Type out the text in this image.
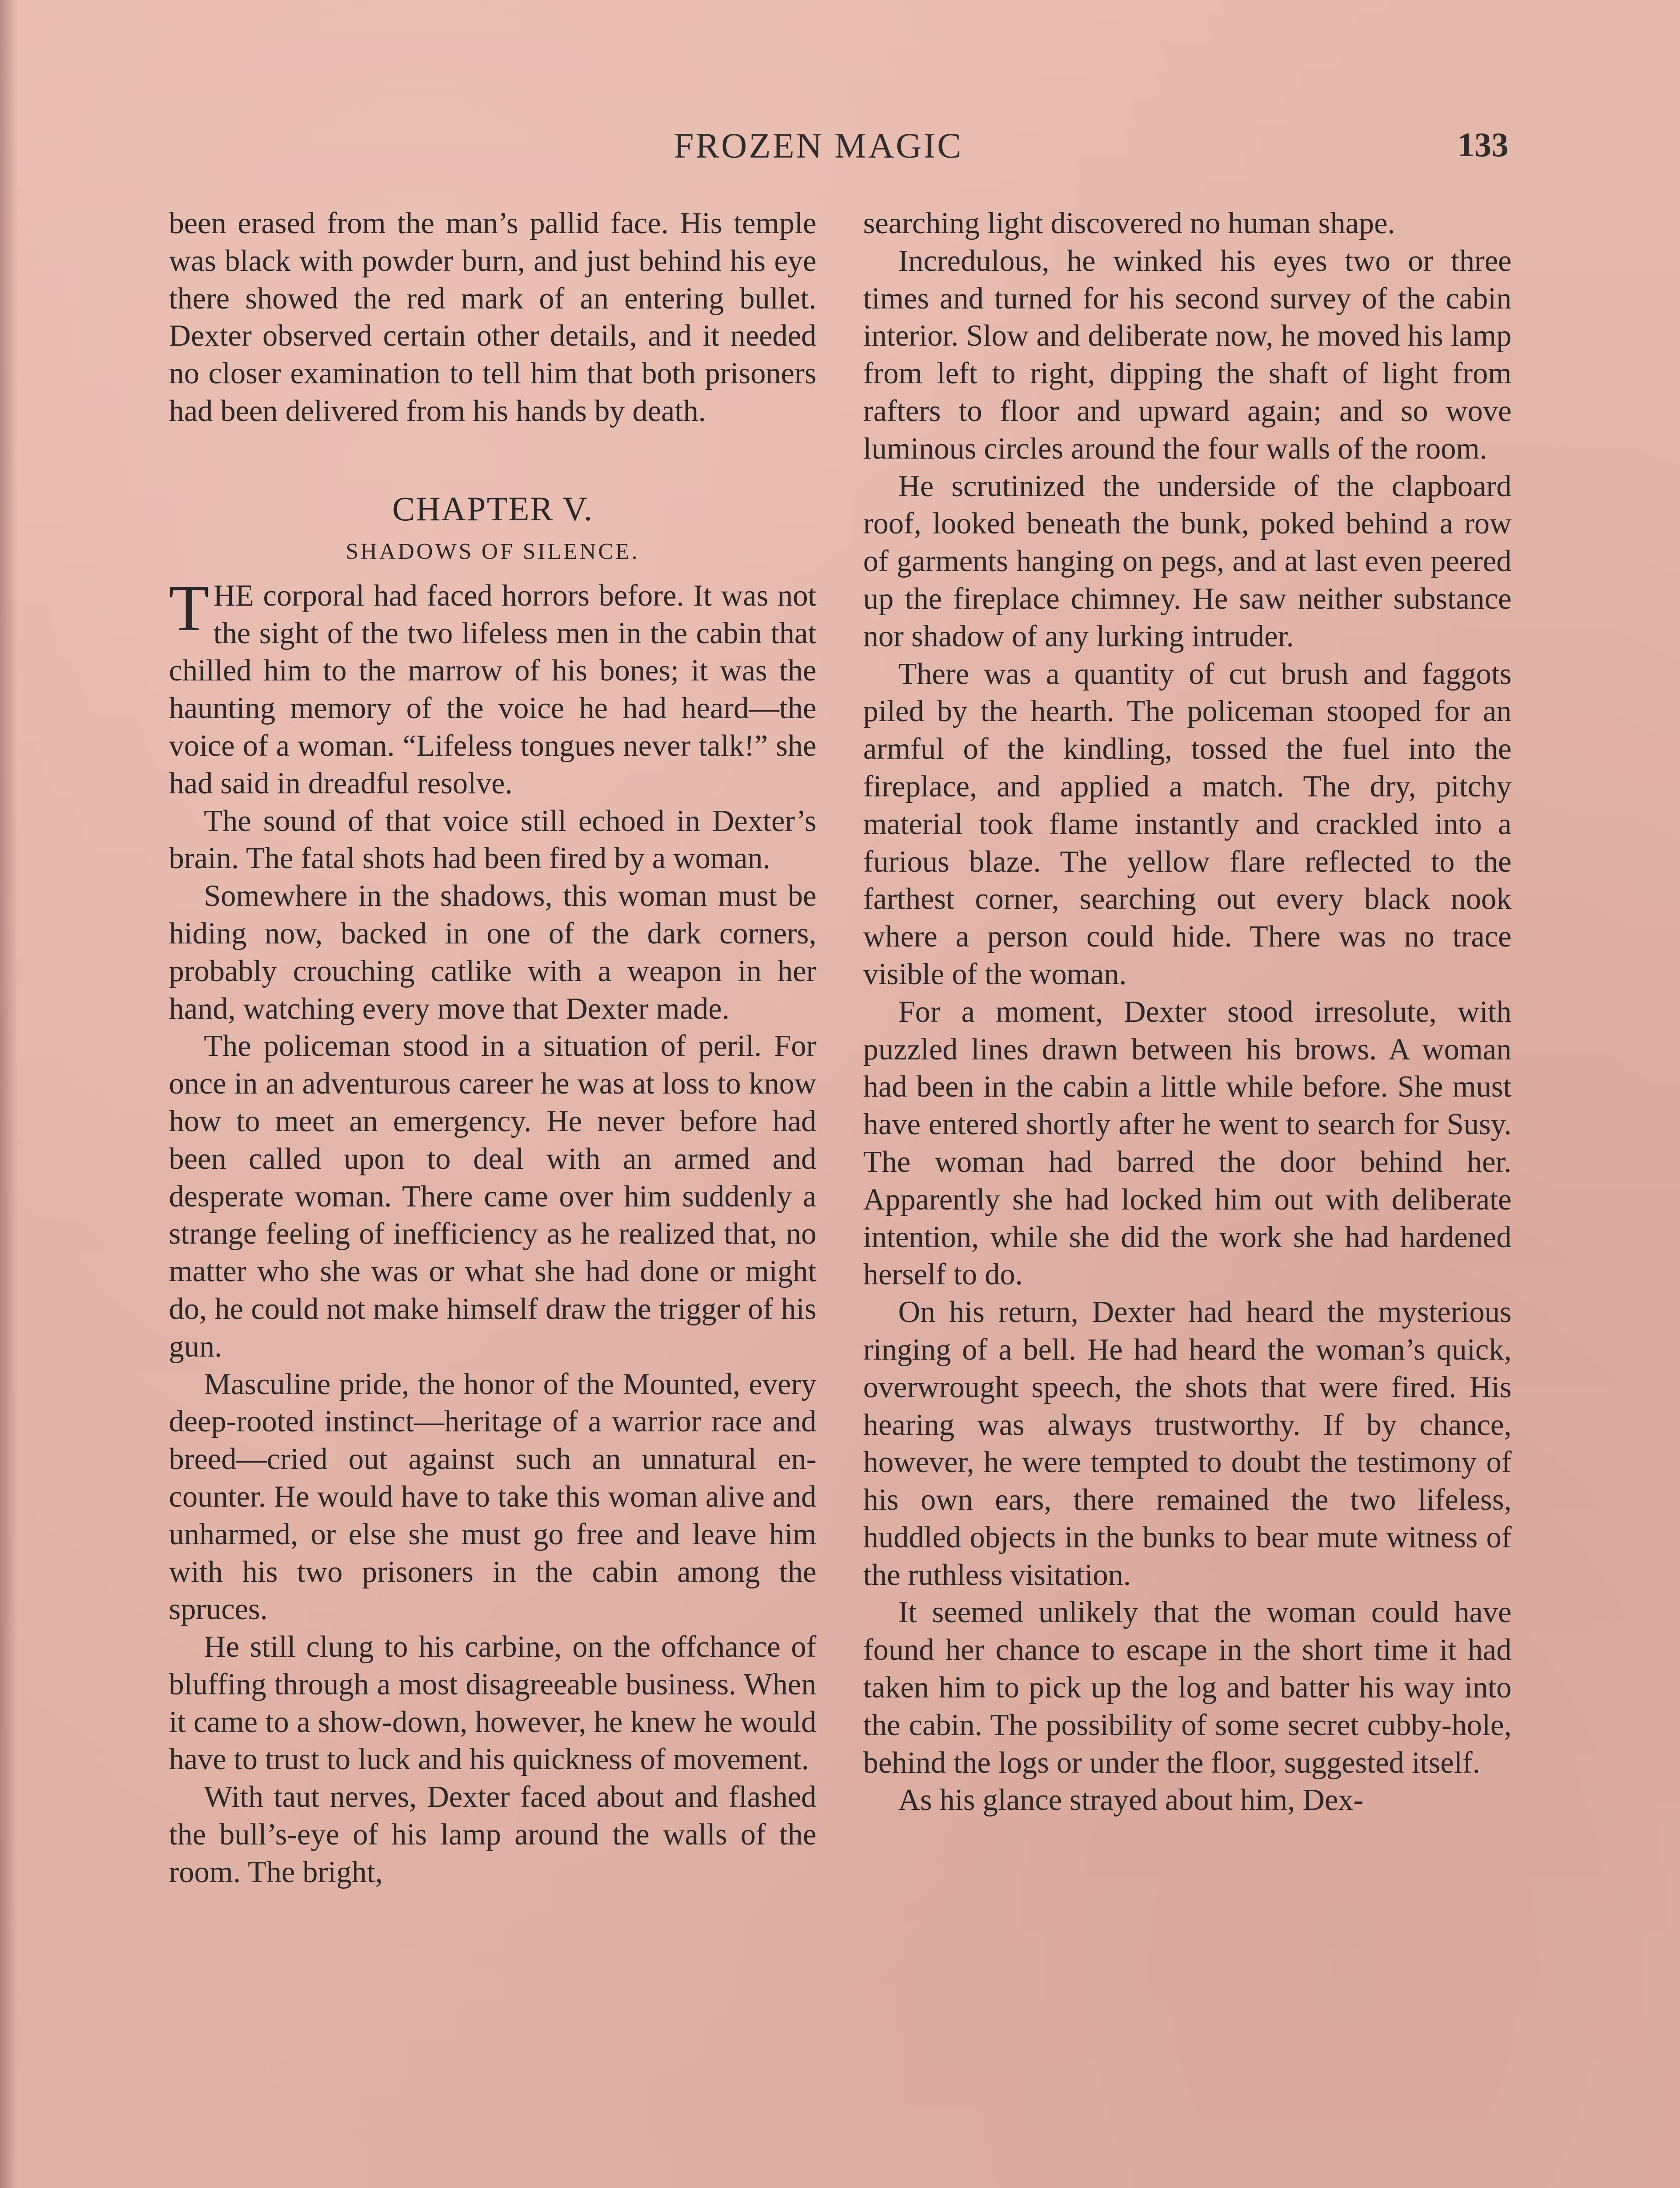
FROZEN MAGIC	133

been erased from the man’s pallid face. His temple was black with powder burn, and just behind his eye there showed the red mark of an entering bullet. Dexter observed certain other details, and it needed no closer examination to tell him that both prisoners had been delivered from his hands by death.

CHAPTER V.
SHADOWS OF SILENCE.

THE corporal had faced horrors before. It was not the sight of the two lifeless men in the cabin that chilled him to the marrow of his bones; it was the haunting memory of the voice he had heard—the voice of a woman. “Lifeless tongues never talk!” she had said in dreadful resolve.

The sound of that voice still echoed in Dexter’s brain. The fatal shots had been fired by a woman.

Somewhere in the shadows, this woman must be hiding now, backed in one of the dark corners, probably crouching catlike with a weapon in her hand, watching every move that Dexter made.

The policeman stood in a situation of peril. For once in an adventurous career he was at loss to know how to meet an emergency. He never before had been called upon to deal with an armed and desperate woman. There came over him suddenly a strange feeling of inefficiency as he realized that, no matter who she was or what she had done or might do, he could not make himself draw the trigger of his gun.

Masculine pride, the honor of the Mounted, every deep-rooted instinct—heritage of a warrior race and breed—cried out against such an unnatural encounter. He would have to take this woman alive and unharmed, or else she must go free and leave him with his two prisoners in the cabin among the spruces.

He still clung to his carbine, on the offchance of bluffing through a most disagreeable business. When it came to a show-down, however, he knew he would have to trust to luck and his quickness of movement.

With taut nerves, Dexter faced about and flashed the bull’s-eye of his lamp around the walls of the room. The bright,

searching light discovered no human shape.

Incredulous, he winked his eyes two or three times and turned for his second survey of the cabin interior. Slow and deliberate now, he moved his lamp from left to right, dipping the shaft of light from rafters to floor and upward again; and so wove luminous circles around the four walls of the room.

He scrutinized the underside of the clapboard roof, looked beneath the bunk, poked behind a row of garments hanging on pegs, and at last even peered up the fireplace chimney. He saw neither substance nor shadow of any lurking intruder.

There was a quantity of cut brush and faggots piled by the hearth. The policeman stooped for an armful of the kindling, tossed the fuel into the fireplace, and applied a match. The dry, pitchy material took flame instantly and crackled into a furious blaze. The yellow flare reflected to the farthest corner, searching out every black nook where a person could hide. There was no trace visible of the woman.

For a moment, Dexter stood irresolute, with puzzled lines drawn between his brows. A woman had been in the cabin a little while before. She must have entered shortly after he went to search for Susy. The woman had barred the door behind her. Apparently she had locked him out with deliberate intention, while she did the work she had hardened herself to do.

On his return, Dexter had heard the mysterious ringing of a bell. He had heard the woman’s quick, overwrought speech, the shots that were fired. His hearing was always trustworthy. If by chance, however, he were tempted to doubt the testimony of his own ears, there remained the two lifeless, huddled objects in the bunks to bear mute witness of the ruthless visitation.

It seemed unlikely that the woman could have found her chance to escape in the short time it had taken him to pick up the log and batter his way into the cabin. The possibility of some secret cubby-hole, behind the logs or under the floor, suggested itself.

As his glance strayed about him, Dex-
